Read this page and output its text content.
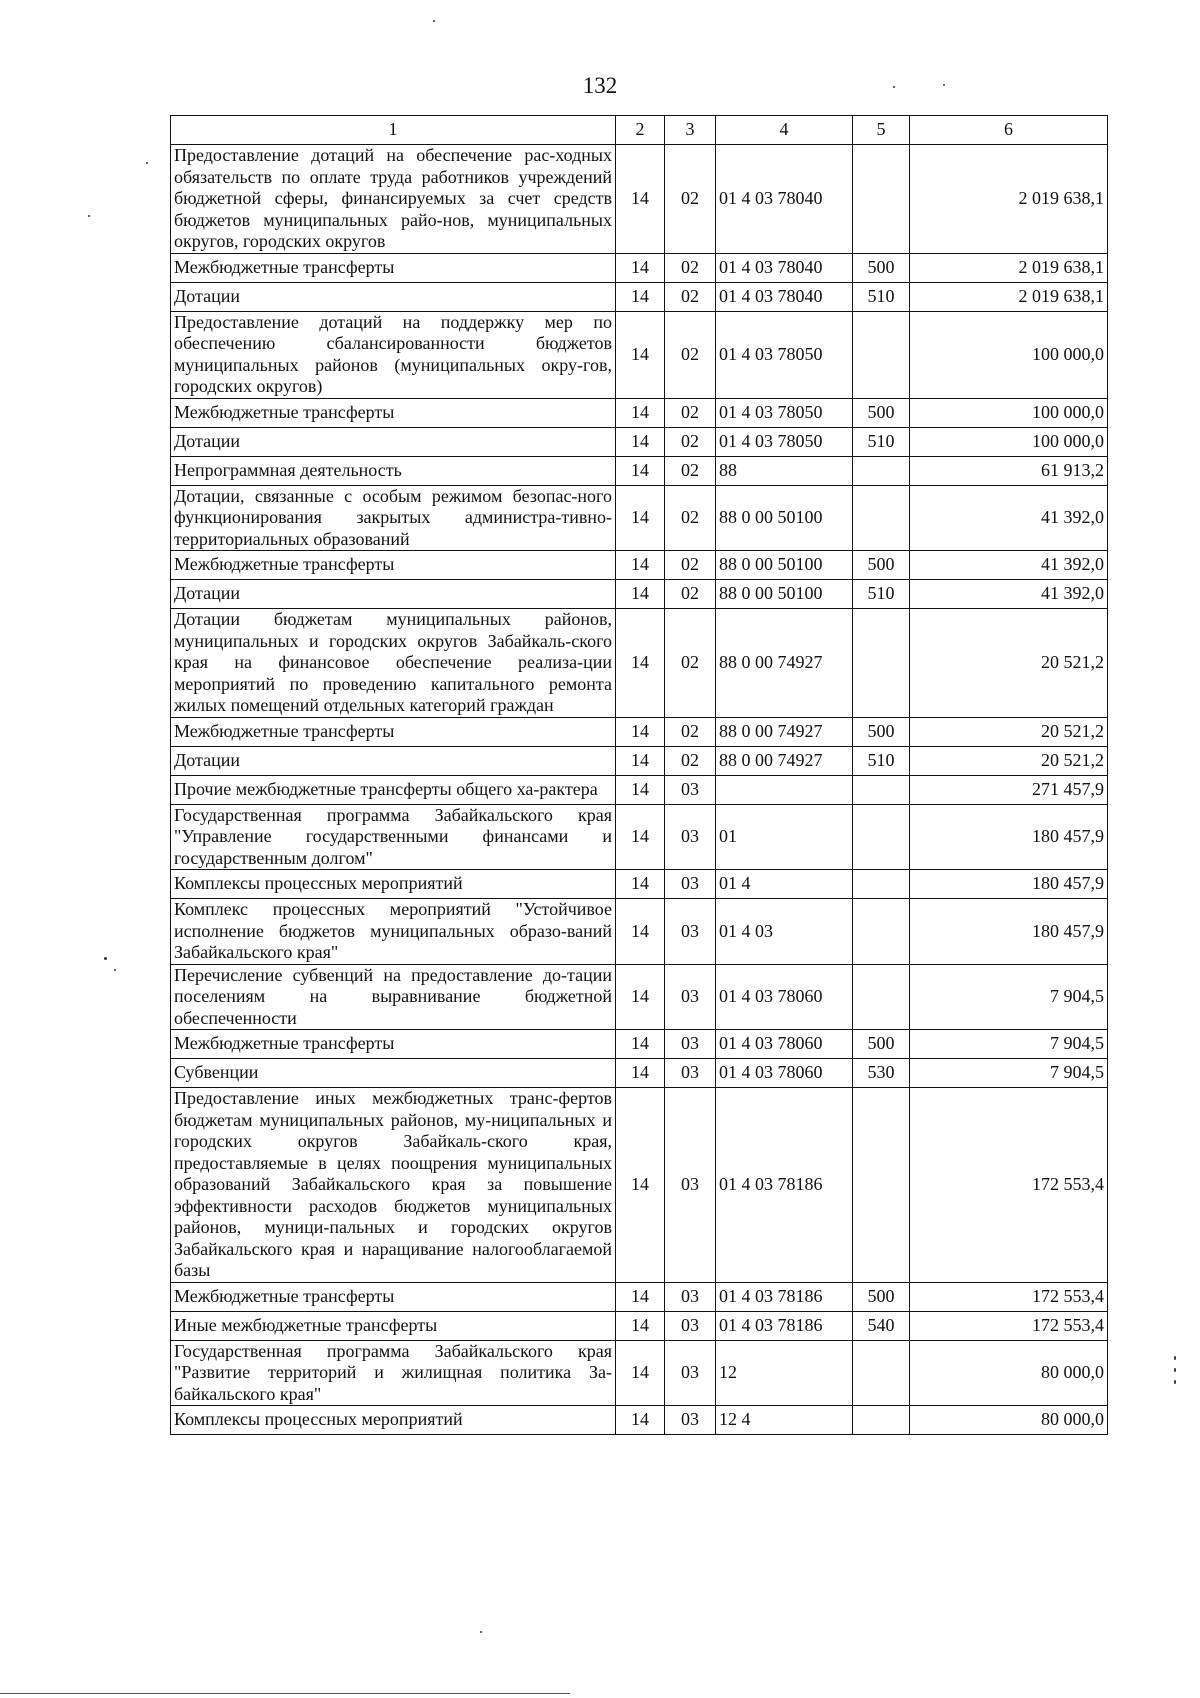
132
1	2	3	4	5	6
Предоставление дотаций на обеспечение рас-ходных обязательств по оплате труда работников учреждений бюджетной сферы, финансируемых за счет средств бюджетов муниципальных райо-нов, муниципальных округов, городских округов	14	02	01 4 03 78040		2 019 638,1
Межбюджетные трансферты	14	02	01 4 03 78040	500	2 019 638,1
Дотации	14	02	01 4 03 78040	510	2 019 638,1
Предоставление дотаций на поддержку мер по обеспечению сбалансированности бюджетов муниципальных районов (муниципальных окру-гов, городских округов)	14	02	01 4 03 78050		100 000,0
Межбюджетные трансферты	14	02	01 4 03 78050	500	100 000,0
Дотации	14	02	01 4 03 78050	510	100 000,0
Непрограммная деятельность	14	02	88		61 913,2
Дотации, связанные с особым режимом безопас-ного функционирования закрытых администра-тивно-территориальных образований	14	02	88 0 00 50100		41 392,0
Межбюджетные трансферты	14	02	88 0 00 50100	500	41 392,0
Дотации	14	02	88 0 00 50100	510	41 392,0
Дотации бюджетам муниципальных районов, муниципальных и городских округов Забайкаль-ского края на финансовое обеспечение реализа-ции мероприятий по проведению капитального ремонта жилых помещений отдельных категорий граждан	14	02	88 0 00 74927		20 521,2
Межбюджетные трансферты	14	02	88 0 00 74927	500	20 521,2
Дотации	14	02	88 0 00 74927	510	20 521,2
Прочие межбюджетные трансферты общего ха-рактера	14	03			271 457,9
Государственная программа Забайкальского края "Управление государственными финансами и государственным долгом"	14	03	01		180 457,9
Комплексы процессных мероприятий	14	03	01 4		180 457,9
Комплекс процессных мероприятий "Устойчивое исполнение бюджетов муниципальных образо-ваний Забайкальского края"	14	03	01 4 03		180 457,9
Перечисление субвенций на предоставление до-тации поселениям на выравнивание бюджетной обеспеченности	14	03	01 4 03 78060		7 904,5
Межбюджетные трансферты	14	03	01 4 03 78060	500	7 904,5
Субвенции	14	03	01 4 03 78060	530	7 904,5
Предоставление иных межбюджетных транс-фертов бюджетам муниципальных районов, му-ниципальных и городских округов Забайкаль-ского края, предоставляемые в целях поощрения муниципальных образований Забайкальского края за повышение эффективности расходов бюджетов муниципальных районов, муници-пальных и городских округов Забайкальского края и наращивание налогооблагаемой базы	14	03	01 4 03 78186		172 553,4
Межбюджетные трансферты	14	03	01 4 03 78186	500	172 553,4
Иные межбюджетные трансферты	14	03	01 4 03 78186	540	172 553,4
Государственная программа Забайкальского края "Развитие территорий и жилищная политика За-байкальского края"	14	03	12		80 000,0
Комплексы процессных мероприятий	14	03	12 4		80 000,0
